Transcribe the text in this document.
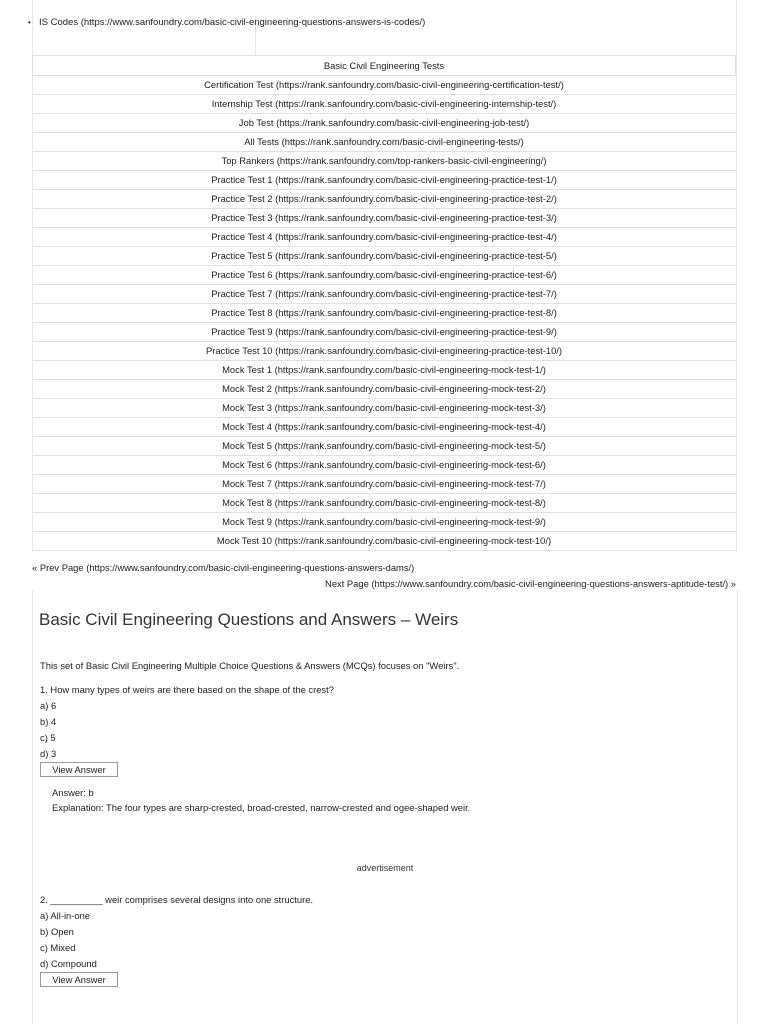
• IS Codes (https://www.sanfoundry.com/basic-civil-engineering-questions-answers-is-codes/)
Basic Civil Engineering Tests
Certification Test (https://rank.sanfoundry.com/basic-civil-engineering-certification-test/)
Internship Test (https://rank.sanfoundry.com/basic-civil-engineering-internship-test/)
Job Test (https://rank.sanfoundry.com/basic-civil-engineering-job-test/)
All Tests (https://rank.sanfoundry.com/basic-civil-engineering-tests/)
Top Rankers (https://rank.sanfoundry.com/top-rankers-basic-civil-engineering/)
Practice Test 1 (https://rank.sanfoundry.com/basic-civil-engineering-practice-test-1/)
Practice Test 2 (https://rank.sanfoundry.com/basic-civil-engineering-practice-test-2/)
Practice Test 3 (https://rank.sanfoundry.com/basic-civil-engineering-practice-test-3/)
Practice Test 4 (https://rank.sanfoundry.com/basic-civil-engineering-practice-test-4/)
Practice Test 5 (https://rank.sanfoundry.com/basic-civil-engineering-practice-test-5/)
Practice Test 6 (https://rank.sanfoundry.com/basic-civil-engineering-practice-test-6/)
Practice Test 7 (https://rank.sanfoundry.com/basic-civil-engineering-practice-test-7/)
Practice Test 8 (https://rank.sanfoundry.com/basic-civil-engineering-practice-test-8/)
Practice Test 9 (https://rank.sanfoundry.com/basic-civil-engineering-practice-test-9/)
Practice Test 10 (https://rank.sanfoundry.com/basic-civil-engineering-practice-test-10/)
Mock Test 1 (https://rank.sanfoundry.com/basic-civil-engineering-mock-test-1/)
Mock Test 2 (https://rank.sanfoundry.com/basic-civil-engineering-mock-test-2/)
Mock Test 3 (https://rank.sanfoundry.com/basic-civil-engineering-mock-test-3/)
Mock Test 4 (https://rank.sanfoundry.com/basic-civil-engineering-mock-test-4/)
Mock Test 5 (https://rank.sanfoundry.com/basic-civil-engineering-mock-test-5/)
Mock Test 6 (https://rank.sanfoundry.com/basic-civil-engineering-mock-test-6/)
Mock Test 7 (https://rank.sanfoundry.com/basic-civil-engineering-mock-test-7/)
Mock Test 8 (https://rank.sanfoundry.com/basic-civil-engineering-mock-test-8/)
Mock Test 9 (https://rank.sanfoundry.com/basic-civil-engineering-mock-test-9/)
Mock Test 10 (https://rank.sanfoundry.com/basic-civil-engineering-mock-test-10/)
« Prev Page (https://www.sanfoundry.com/basic-civil-engineering-questions-answers-dams/)
Next Page (https://www.sanfoundry.com/basic-civil-engineering-questions-answers-aptitude-test/) »
Basic Civil Engineering Questions and Answers – Weirs
This set of Basic Civil Engineering Multiple Choice Questions & Answers (MCQs) focuses on "Weirs".
1. How many types of weirs are there based on the shape of the crest?
a) 6
b) 4
c) 5
d) 3
View Answer
Answer: b
Explanation: The four types are sharp-crested, broad-crested, narrow-crested and ogee-shaped weir.
advertisement
2. __________ weir comprises several designs into one structure.
a) All-in-one
b) Open
c) Mixed
d) Compound
View Answer
